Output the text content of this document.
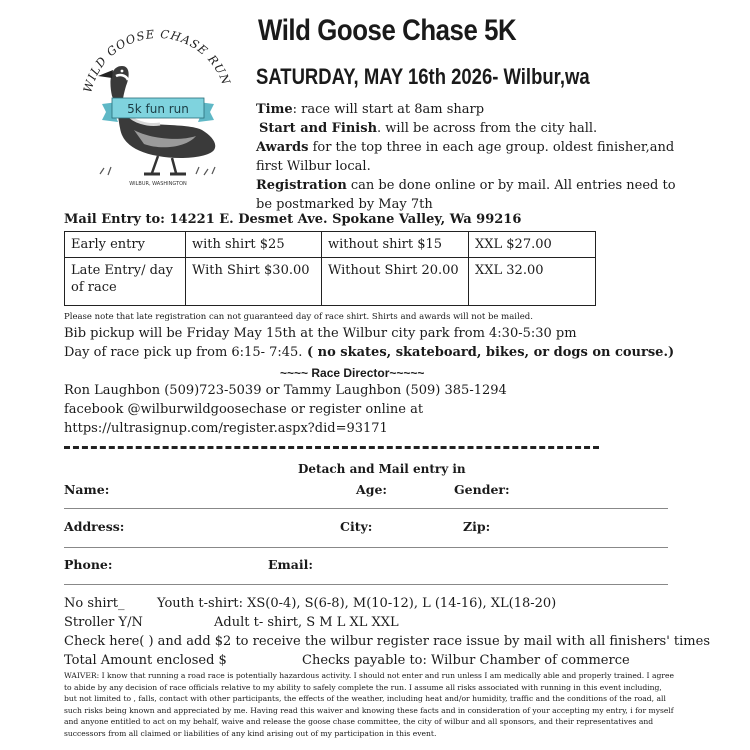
WILD GOOSE CHASE RUN
5k fun run
WILBUR, WASHINGTON
Wild Goose Chase 5K
SATURDAY, MAY 16th 2026- Wilbur,wa
Time: race will start at 8am sharp
Start and Finish. will be across from the city hall.
Awards for the top three in each age group. oldest finisher,and first Wilbur local.
Registration can be done online or by mail. All entries need to be postmarked by May 7th
Mail Entry to: 14221 E. Desmet Ave. Spokane Valley, Wa 99216
Early entry	with shirt $25	without shirt $15	XXL $27.00
Late Entry/ day of race	With Shirt $30.00	Without Shirt 20.00	XXL 32.00
Please note that late registration can not guaranteed day of race shirt. Shirts and awards will not be mailed.
Bib pickup will be Friday May 15th at the Wilbur city park from 4:30-5:30 pm
Day of race pick up from 6:15- 7:45. ( no skates, skateboard, bikes, or dogs on course.)
~~~~ Race Director~~~~~
Ron Laughbon (509)723-5039 or Tammy Laughbon (509) 385-1294
facebook @wilburwildgoosechase or register online at
https://ultrasignup.com/register.aspx?did=93171
Detach and Mail entry in
Name:	Age:	Gender:
Address:	City:	Zip:
Phone:	Email:
No shirt_	Youth t-shirt: XS(0-4), S(6-8), M(10-12), L (14-16), XL(18-20)
Stroller Y/N	Adult t- shirt, S M L XL XXL
Check here( ) and add $2 to receive the wilbur register race issue by mail with all finishers' times
Total Amount enclosed $	Checks payable to: Wilbur Chamber of commerce
WAIVER: I know that running a road race is potentially hazardous activity. I should not enter and run unless I am medically able and properly trained. I agree to abide by any decision of race officials relative to my ability to safely complete the run. I assume all risks associated with running in this event including, but not limited to , falls, contact with other participants, the effects of the weather, including heat and/or humidity, traffic and the conditions of the road, all such risks being known and appreciated by me. Having read this waiver and knowing these facts and in consideration of your accepting my entry, i for myself and anyone entitled to act on my behalf, waive and release the goose chase committee, the city of wilbur and all sponsors, and their representatives and successors from all claimed or liabilities of any kind arising out of my participation in this event.
